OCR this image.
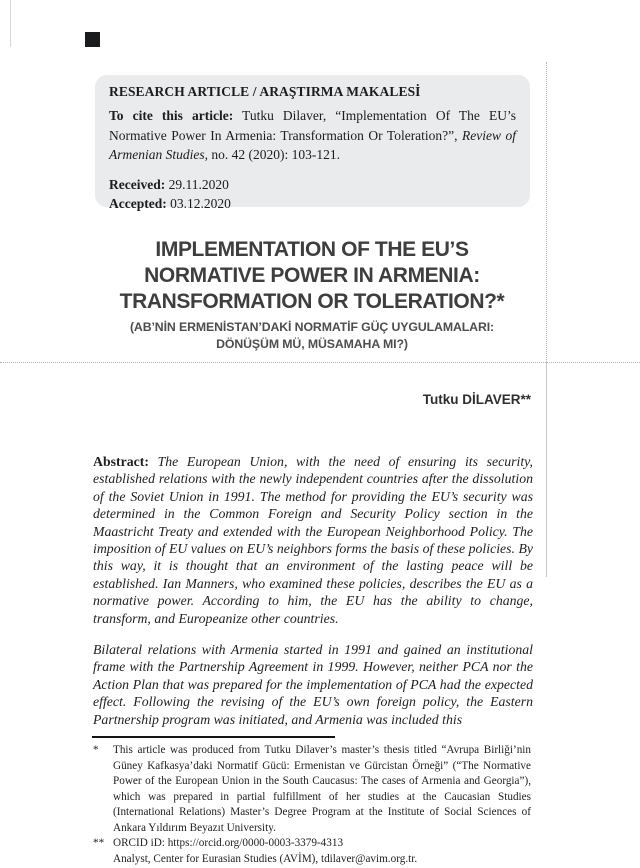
RESEARCH ARTICLE / ARAŞTIRMA MAKALESİ

To cite this article: Tutku Dilaver, “Implementation Of The EU’s Normative Power In Armenia: Transformation Or Toleration?”, Review of Armenian Studies, no. 42 (2020): 103-121.

Received: 29.11.2020
Accepted: 03.12.2020
IMPLEMENTATION OF THE EU’S
NORMATIVE POWER IN ARMENIA:
TRANSFORMATION OR TOLERATION?*
(AB’NİN ERMENİSTAN’DAKİ NORMATİF GÜÇ UYGULAMALARI:
DÖNÜŞÜM MÜ, MÜSAMAHA MI?)
Tutku DİLAVER**

Abstract: The European Union, with the need of ensuring its security, established relations with the newly independent countries after the dissolution of the Soviet Union in 1991. The method for providing the EU’s security was determined in the Common Foreign and Security Policy section in the Maastricht Treaty and extended with the European Neighborhood Policy. The imposition of EU values on EU’s neighbors forms the basis of these policies. By this way, it is thought that an environment of the lasting peace will be established. Ian Manners, who examined these policies, describes the EU as a normative power. According to him, the EU has the ability to change, transform, and Europeanize other countries.

Bilateral relations with Armenia started in 1991 and gained an institutional frame with the Partnership Agreement in 1999. However, neither PCA nor the Action Plan that was prepared for the implementation of PCA had the expected effect. Following the revising of the EU’s own foreign policy, the Eastern Partnership program was initiated, and Armenia was included this

*	This article was produced from Tutku Dilaver’s master’s thesis titled “Avrupa Birliği’nin Güney Kafkasya’daki Normatif Gücü: Ermenistan ve Gürcistan Örneği” (“The Normative Power of the European Union in the South Caucasus: The cases of Armenia and Georgia”), which was prepared in partial fulfillment of her studies at the Caucasian Studies (International Relations) Master’s Degree Program at the Institute of Social Sciences of Ankara Yıldırım Beyazıt University.
** ORCID iD: https://orcid.org/0000-0003-3379-4313
Analyst, Center for Eurasian Studies (AVİM), tdilaver@avim.org.tr.
